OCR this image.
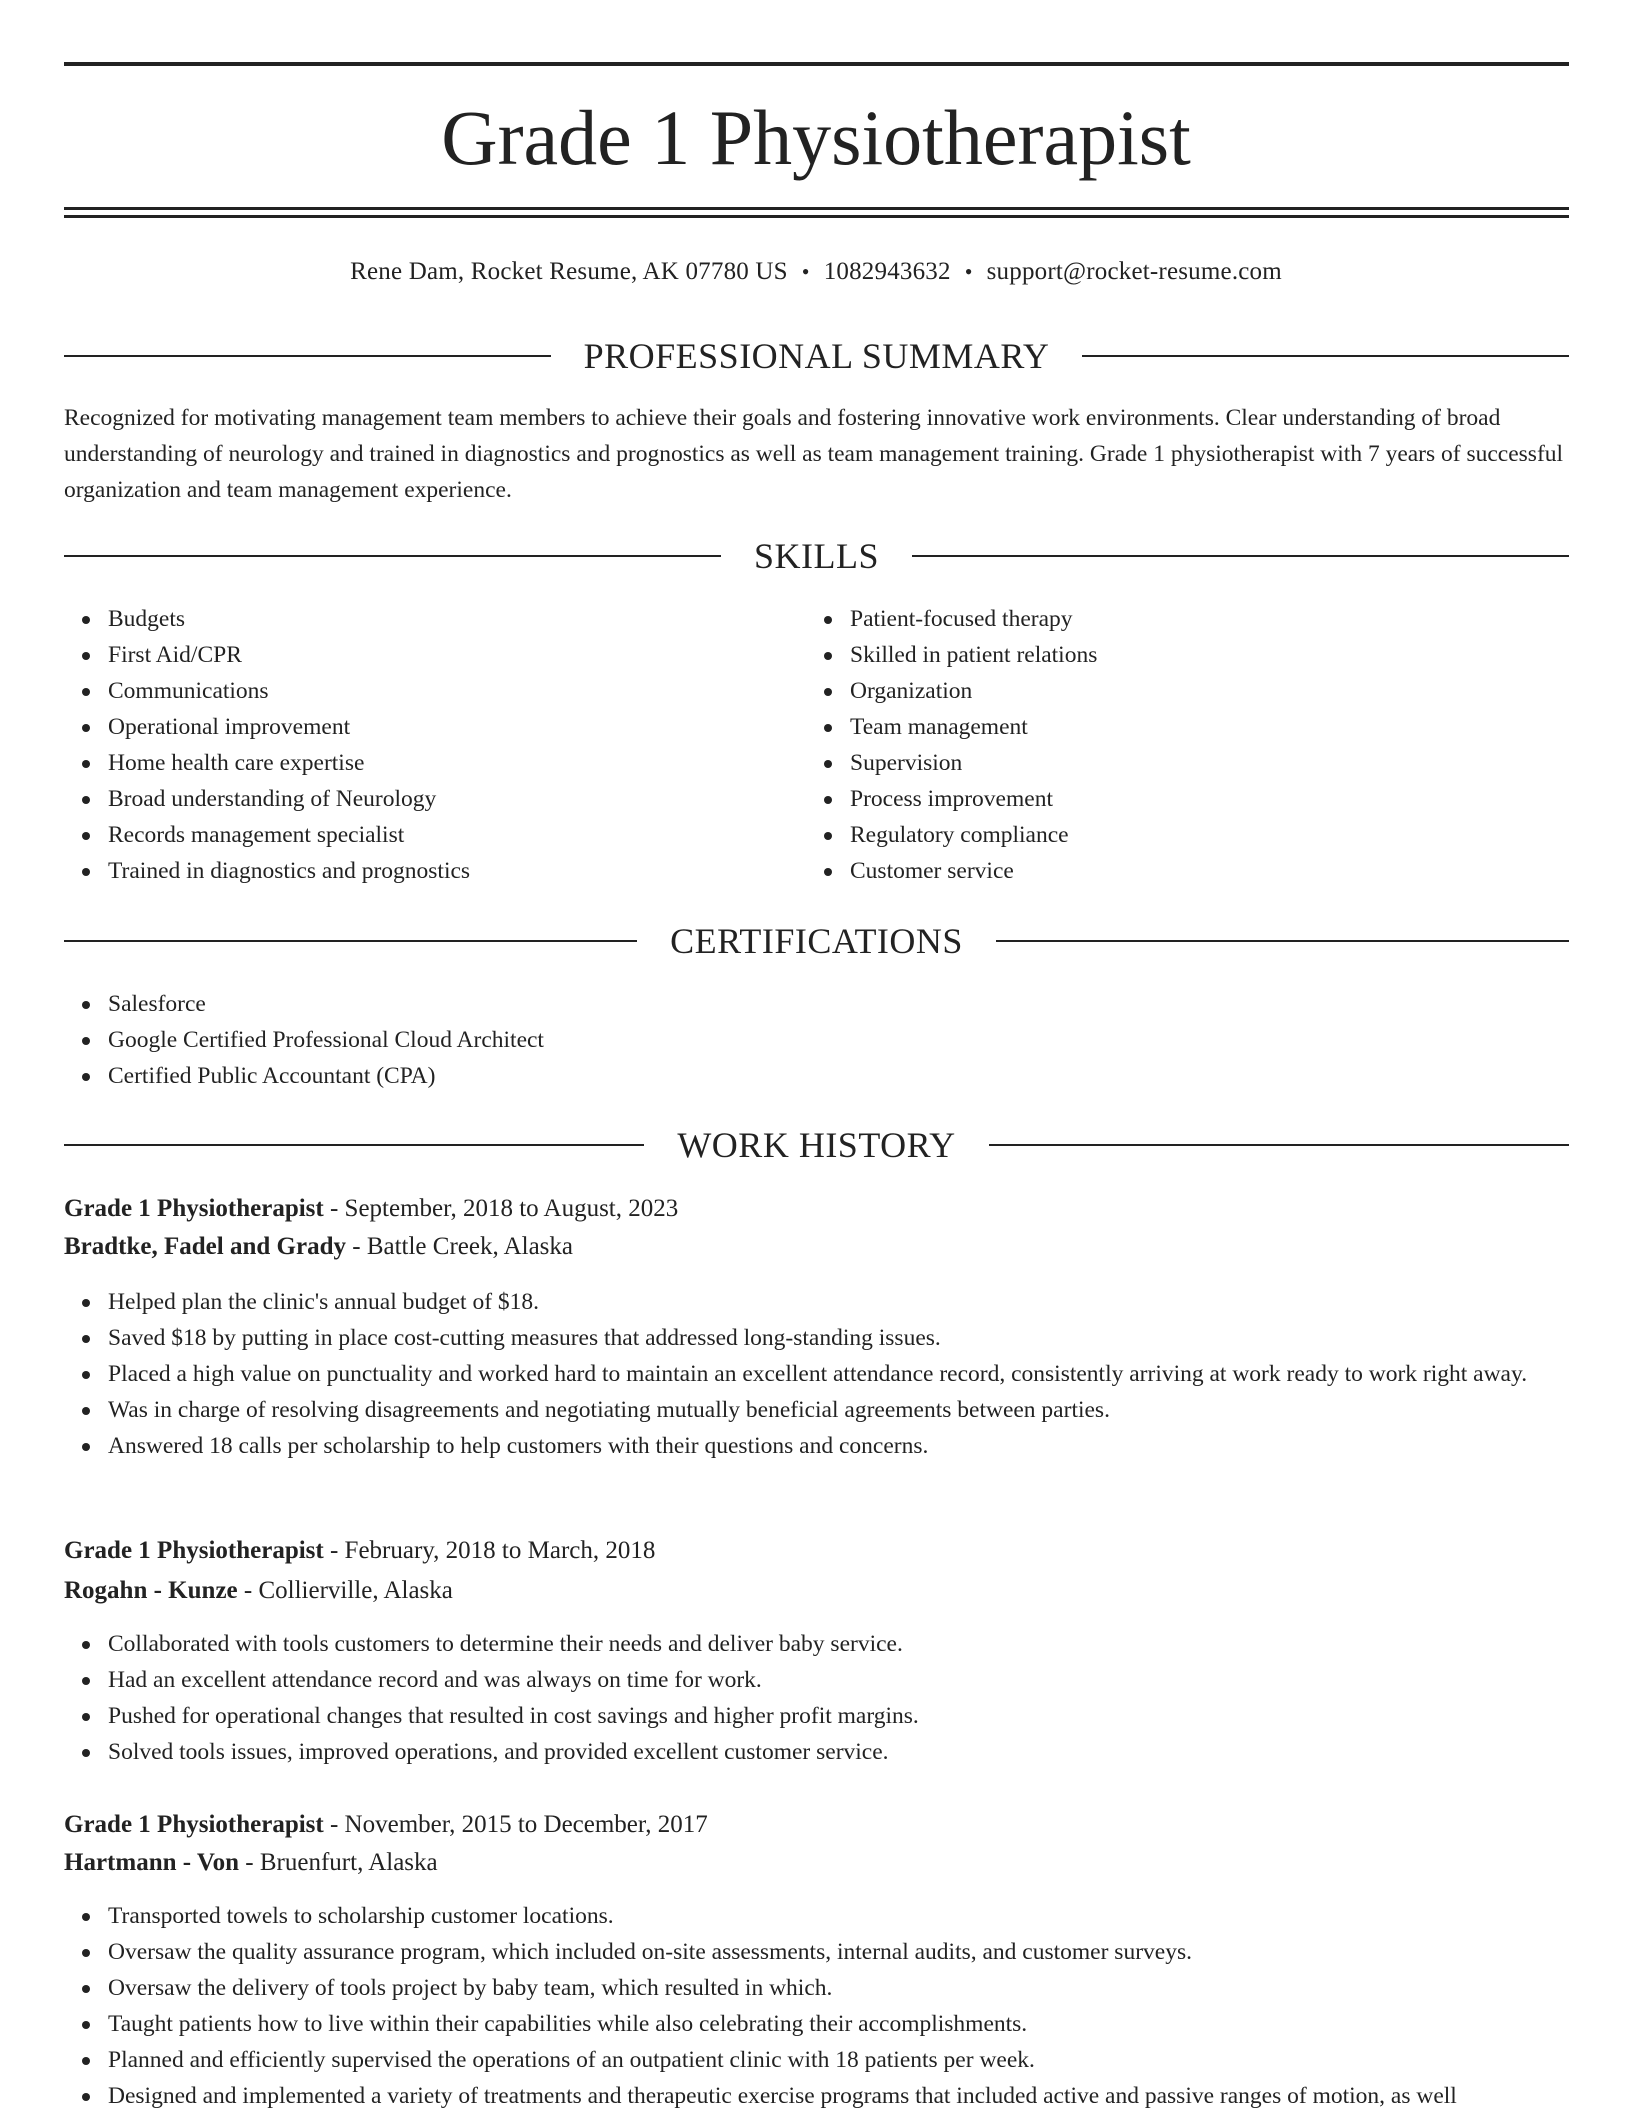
Grade 1 Physiotherapist
Rene Dam, Rocket Resume, AK 07780 US • 1082943632 • support@rocket-resume.com
PROFESSIONAL SUMMARY

Recognized for motivating management team members to achieve their goals and fostering innovative work environments. Clear understanding of broad understanding of neurology and trained in diagnostics and prognostics as well as team management training. Grade 1 physiotherapist with 7 years of successful organization and team management experience.

SKILLS
Budgets
First Aid/CPR
Communications
Operational improvement
Home health care expertise
Broad understanding of Neurology
Records management specialist
Trained in diagnostics and prognostics
Patient-focused therapy
Skilled in patient relations
Organization
Team management
Supervision
Process improvement
Regulatory compliance
Customer service
CERTIFICATIONS
Salesforce
Google Certified Professional Cloud Architect
Certified Public Accountant (CPA)
WORK HISTORY
Grade 1 Physiotherapist - September, 2018 to August, 2023
Bradtke, Fadel and Grady - Battle Creek, Alaska
Helped plan the clinic's annual budget of $18.
Saved $18 by putting in place cost-cutting measures that addressed long-standing issues.
Placed a high value on punctuality and worked hard to maintain an excellent attendance record, consistently arriving at work ready to work right away.
Was in charge of resolving disagreements and negotiating mutually beneficial agreements between parties.
Answered 18 calls per scholarship to help customers with their questions and concerns.
Grade 1 Physiotherapist - February, 2018 to March, 2018
Rogahn - Kunze - Collierville, Alaska
Collaborated with tools customers to determine their needs and deliver baby service.
Had an excellent attendance record and was always on time for work.
Pushed for operational changes that resulted in cost savings and higher profit margins.
Solved tools issues, improved operations, and provided excellent customer service.
Grade 1 Physiotherapist - November, 2015 to December, 2017
Hartmann - Von - Bruenfurt, Alaska
Transported towels to scholarship customer locations.
Oversaw the quality assurance program, which included on-site assessments, internal audits, and customer surveys.
Oversaw the delivery of tools project by baby team, which resulted in which.
Taught patients how to live within their capabilities while also celebrating their accomplishments.
Planned and efficiently supervised the operations of an outpatient clinic with 18 patients per week.
Designed and implemented a variety of treatments and therapeutic exercise programs that included active and passive ranges of motion, as well
